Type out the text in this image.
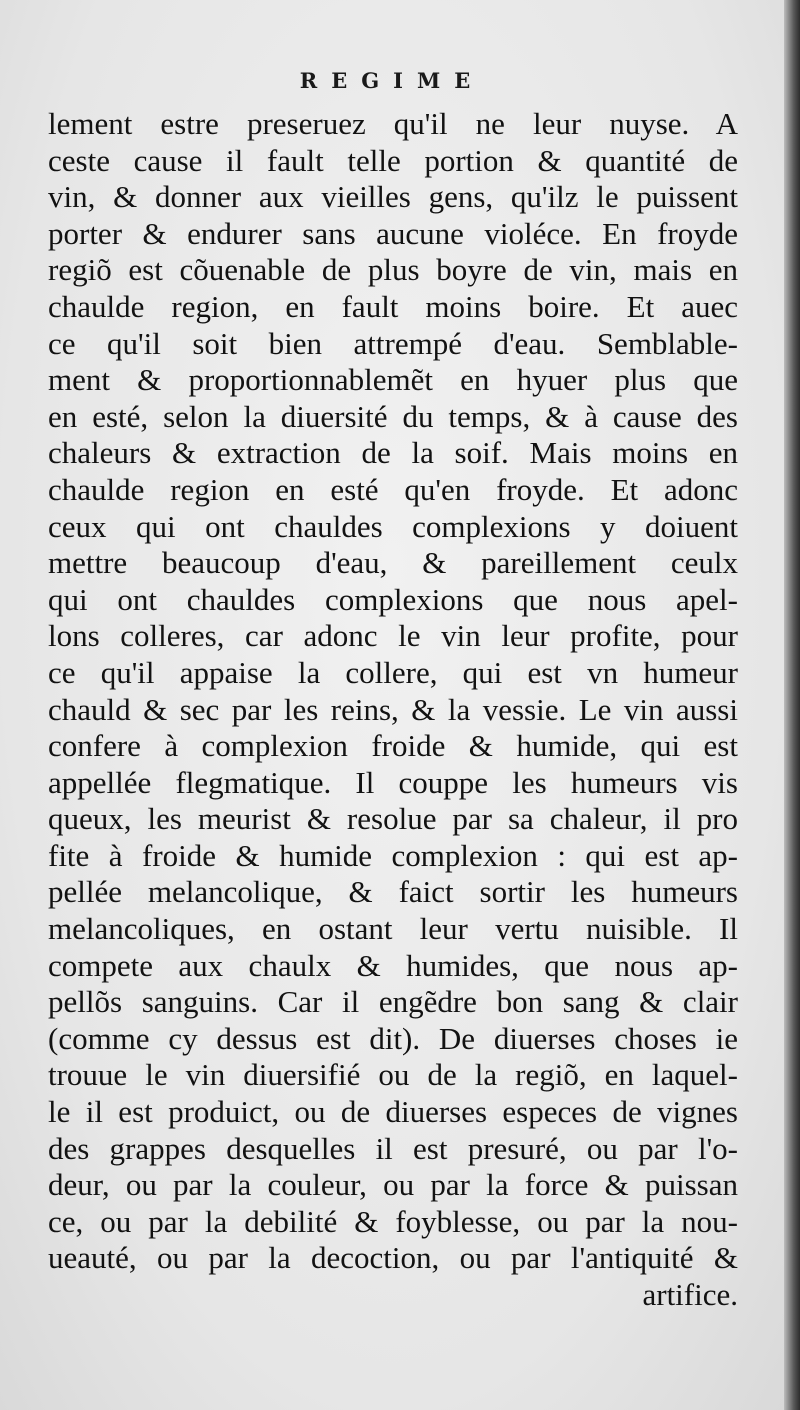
REGIME
lement estre preseruez qu'il ne leur nuyse. A
ceste cause il fault telle portion & quantité de
vin, & donner aux vieilles gens, qu'ilz le puissent
porter & endurer sans aucune violéce. En froyde
regiõ est cõuenable de plus boyre de vin, mais en
chaulde region, en fault moins boire. Et auec
ce qu'il soit bien attrempé d'eau. Semblable-
ment & proportionnablemẽt en hyuer plus que
en esté, selon la diuersité du temps, & à cause des
chaleurs & extraction de la soif. Mais moins en
chaulde region en esté qu'en froyde. Et adonc
ceux qui ont chauldes complexions y doiuent
mettre beaucoup d'eau, & pareillement ceulx
qui ont chauldes complexions que nous apel-
lons colleres, car adonc le vin leur profite, pour
ce qu'il appaise la collere, qui est vn humeur
chauld & sec par les reins, & la vessie. Le vin aussi
confere à complexion froide & humide, qui est
appellée flegmatique. Il couppe les humeurs vis
queux, les meurist & resolue par sa chaleur, il pro
fite à froide & humide complexion : qui est ap-
pellée melancolique, & faict sortir les humeurs
melancoliques, en ostant leur vertu nuisible. Il
compete aux chaulx & humides, que nous ap-
pellõs sanguins. Car il engẽdre bon sang & clair
(comme cy dessus est dit). De diuerses choses ie
trouue le vin diuersifié ou de la regiõ, en laquel-
le il est produict, ou de diuerses especes de vignes
des grappes desquelles il est presuré, ou par l'o-
deur, ou par la couleur, ou par la force & puissan
ce, ou par la debilité & foyblesse, ou par la nou-
ueauté, ou par la decoction, ou par l'antiquité &
artifice.
